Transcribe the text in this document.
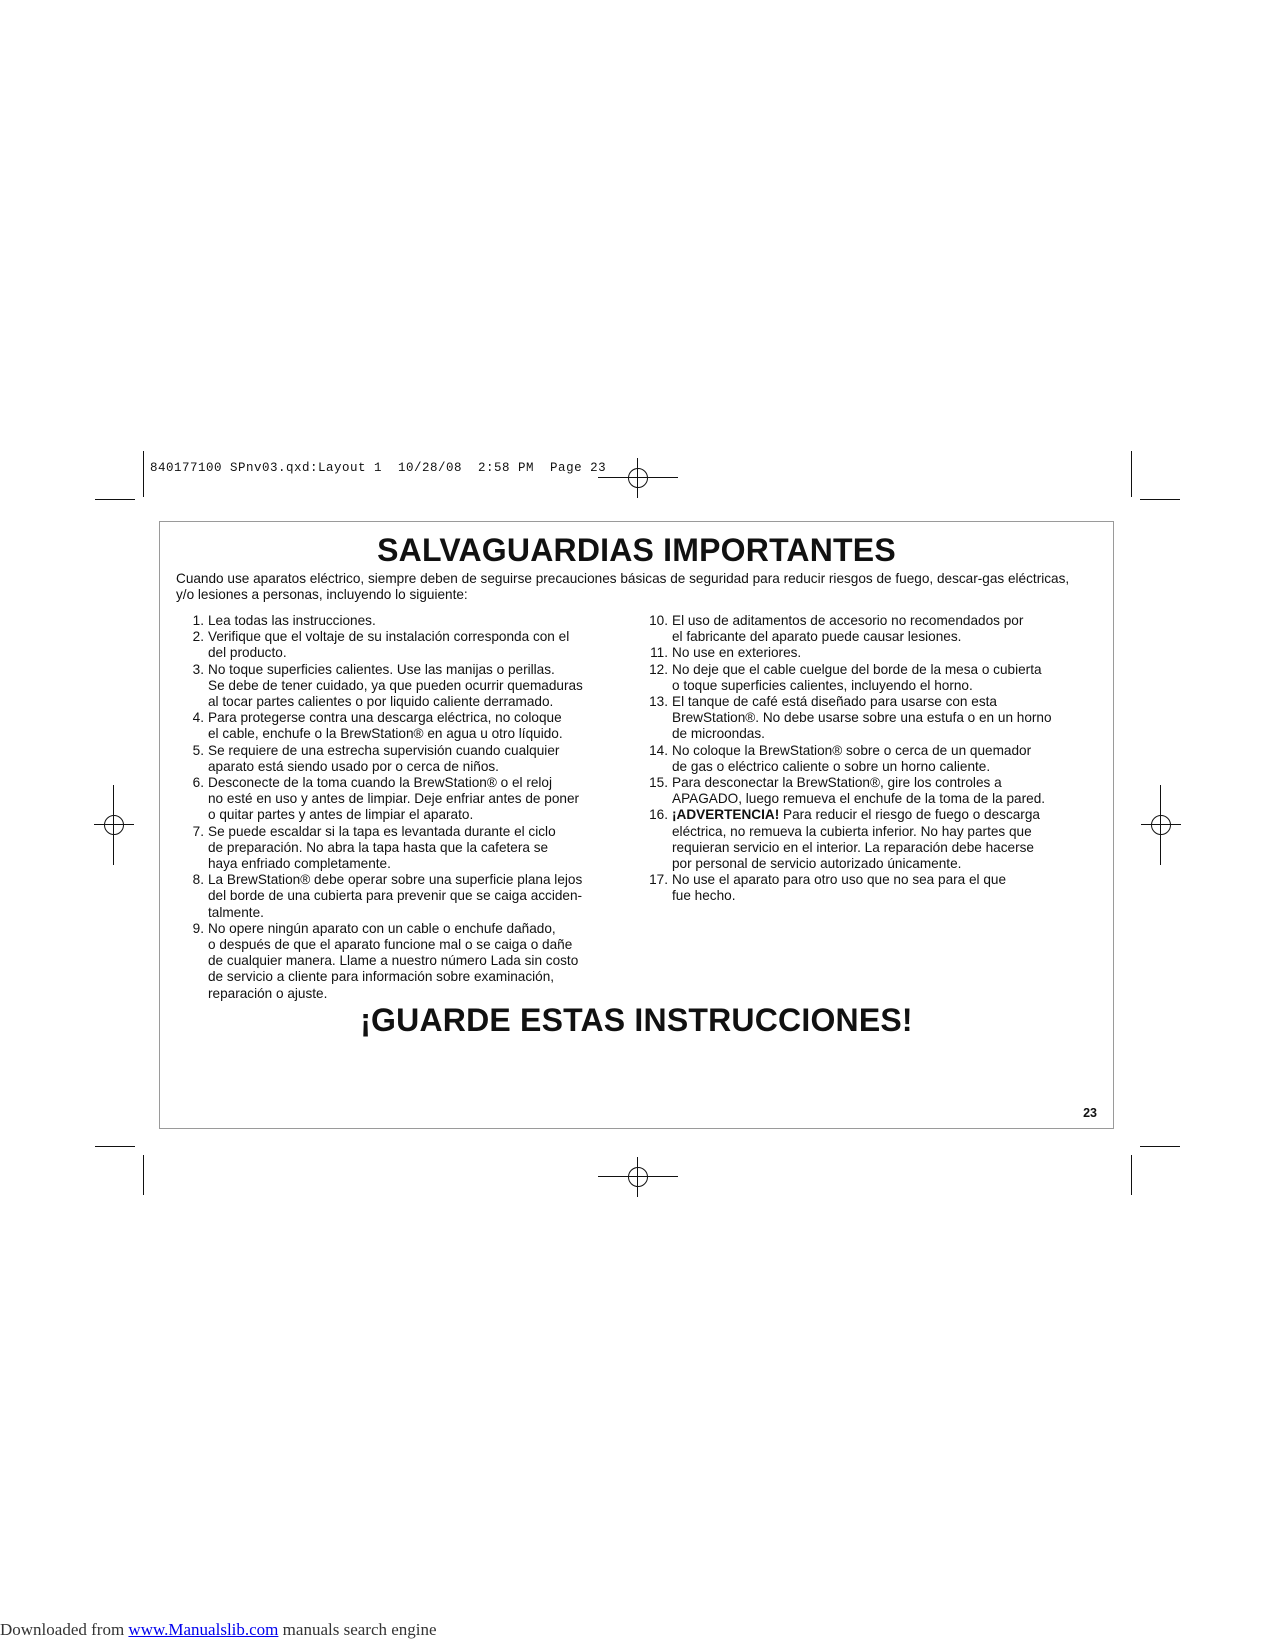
840177100 SPnv03.qxd:Layout 1  10/28/08  2:58 PM  Page 23
SALVAGUARDIAS IMPORTANTES
Cuando use aparatos eléctrico, siempre deben de seguirse precauciones básicas de seguridad para reducir riesgos de fuego, descar-gas eléctricas, y/o lesiones a personas, incluyendo lo siguiente:
1. Lea todas las instrucciones.
2. Verifique que el voltaje de su instalación corresponda con el
del producto.
3. No toque superficies calientes. Use las manijas o perillas.
Se debe de tener cuidado, ya que pueden ocurrir quemaduras
al tocar partes calientes o por liquido caliente derramado.
4. Para protegerse contra una descarga eléctrica, no coloque
el cable, enchufe o la BrewStation® en agua u otro líquido.
5. Se requiere de una estrecha supervisión cuando cualquier
aparato está siendo usado por o cerca de niños.
6. Desconecte de la toma cuando la BrewStation® o el reloj
no esté en uso y antes de limpiar. Deje enfriar antes de poner
o quitar partes y antes de limpiar el aparato.
7. Se puede escaldar si la tapa es levantada durante el ciclo
de preparación. No abra la tapa hasta que la cafetera se
haya enfriado completamente.
8. La BrewStation® debe operar sobre una superficie plana lejos
del borde de una cubierta para prevenir que se caiga acciden-
talmente.
9. No opere ningún aparato con un cable o enchufe dañado,
o después de que el aparato funcione mal o se caiga o dañe
de cualquier manera. Llame a nuestro número Lada sin costo
de servicio a cliente para información sobre examinación,
reparación o ajuste.
10. El uso de aditamentos de accesorio no recomendados por
el fabricante del aparato puede causar lesiones.
11. No use en exteriores.
12. No deje que el cable cuelgue del borde de la mesa o cubierta
o toque superficies calientes, incluyendo el horno.
13. El tanque de café está diseñado para usarse con esta
BrewStation®. No debe usarse sobre una estufa o en un horno
de microondas.
14. No coloque la BrewStation® sobre o cerca de un quemador
de gas o eléctrico caliente o sobre un horno caliente.
15. Para desconectar la BrewStation®, gire los controles a
APAGADO, luego remueva el enchufe de la toma de la pared.
16. ¡ADVERTENCIA! Para reducir el riesgo de fuego o descarga
eléctrica, no remueva la cubierta inferior. No hay partes que
requieran servicio en el interior. La reparación debe hacerse
por personal de servicio autorizado únicamente.
17. No use el aparato para otro uso que no sea para el que
fue hecho.
¡GUARDE ESTAS INSTRUCCIONES!
23
Downloaded from www.Manualslib.com manuals search engine
